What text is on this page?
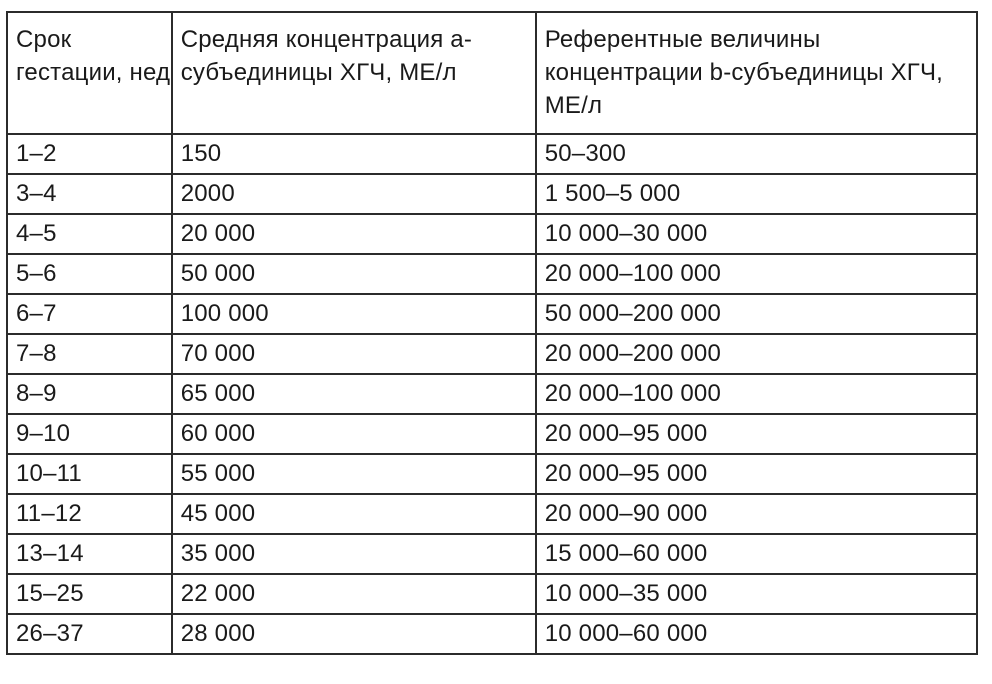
Срок гестации, нед	Средняя концентрация a-субъединицы ХГЧ, МЕ/л	Референтные величины концентрации b-субъединицы ХГЧ, МЕ/л
1–2	150	50–300
3–4	2000	1 500–5 000
4–5	20 000	10 000–30 000
5–6	50 000	20 000–100 000
6–7	100 000	50 000–200 000
7–8	70 000	20 000–200 000
8–9	65 000	20 000–100 000
9–10	60 000	20 000–95 000
10–11	55 000	20 000–95 000
11–12	45 000	20 000–90 000
13–14	35 000	15 000–60 000
15–25	22 000	10 000–35 000
26–37	28 000	10 000–60 000
